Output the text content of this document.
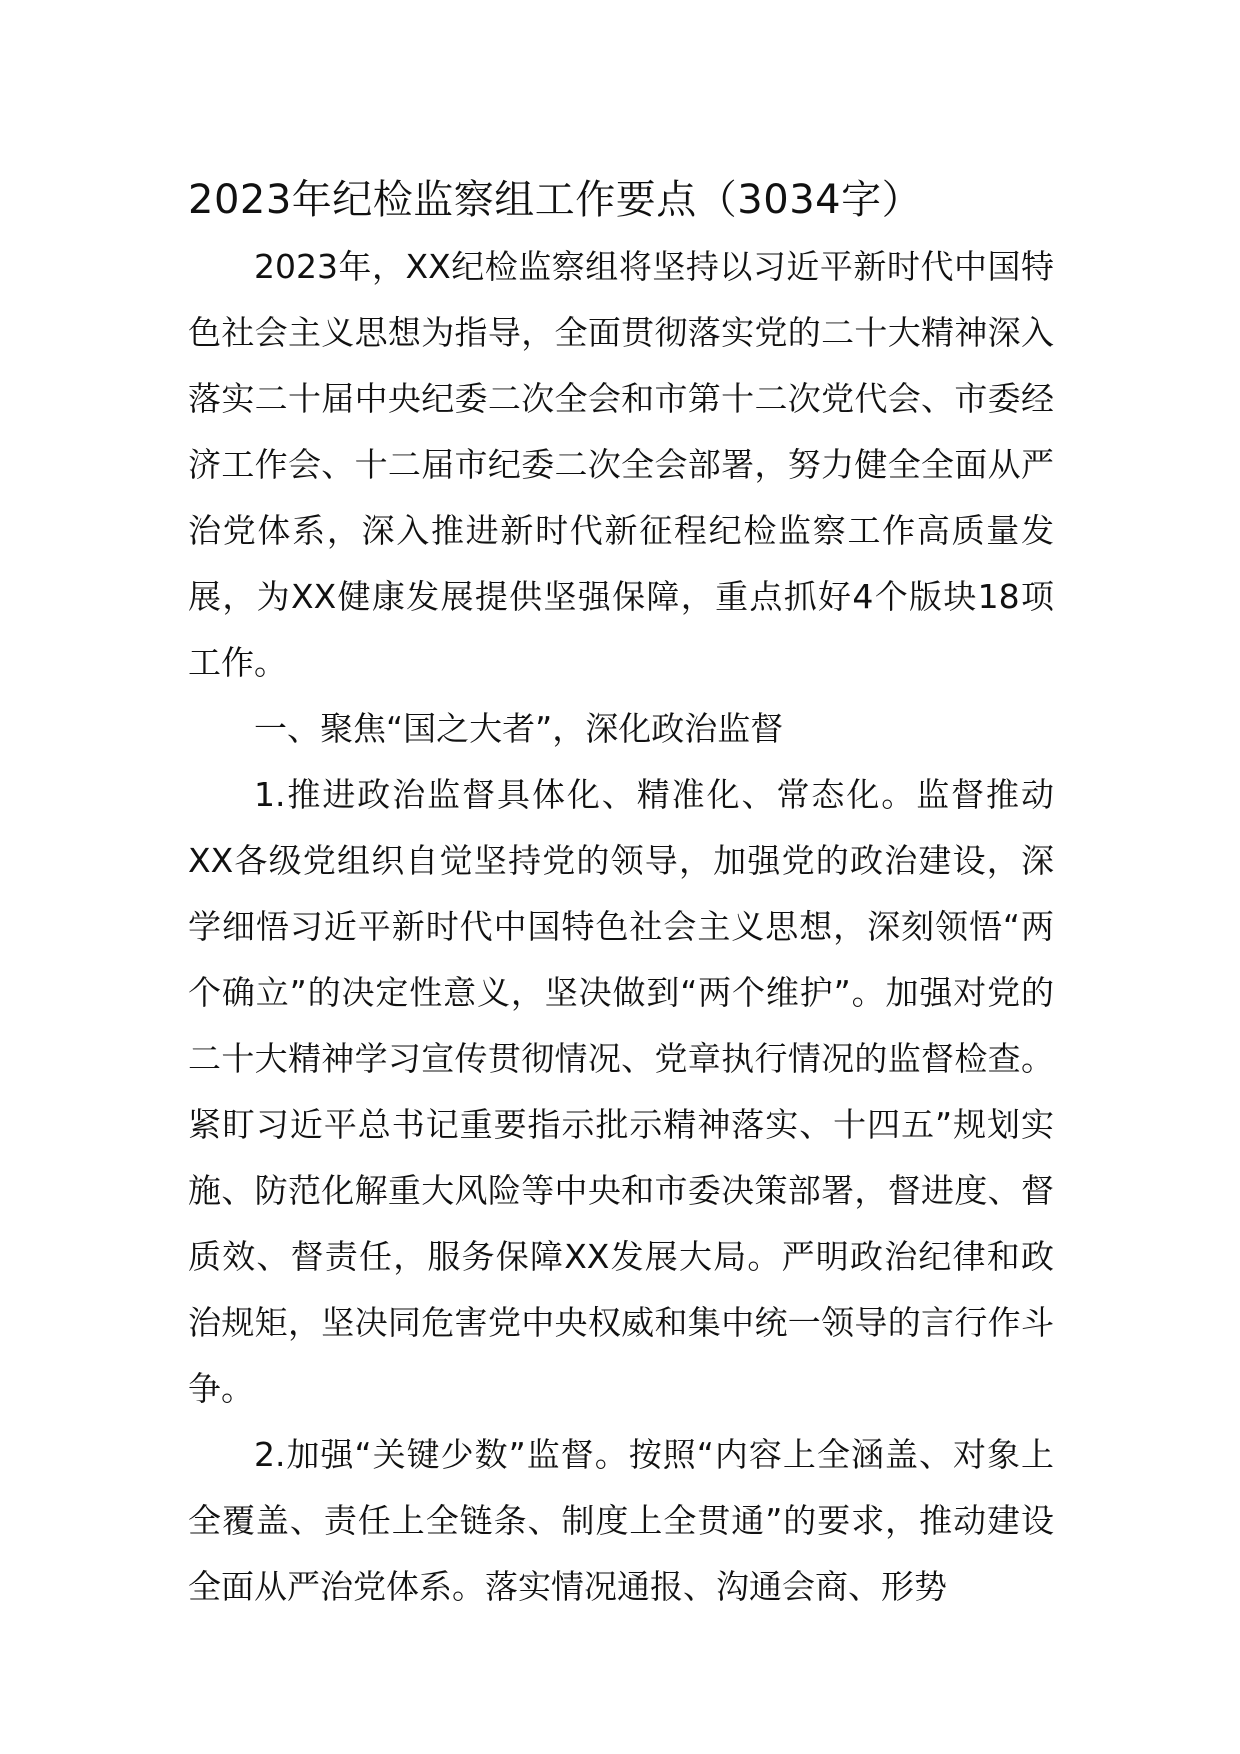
2023年纪检监察组工作要点（3034字）

2023年，XX纪检监察组将坚持以习近平新时代中国特色社会主义思想为指导，全面贯彻落实党的二十大精神深入落实二十届中央纪委二次全会和市第十二次党代会、市委经济工作会、十二届市纪委二次全会部署，努力健全全面从严治党体系，深入推进新时代新征程纪检监察工作高质量发展，为XX健康发展提供坚强保障，重点抓好4个版块18项工作。

一、聚焦“国之大者”，深化政治监督

1.推进政治监督具体化、精准化、常态化。监督推动XX各级党组织自觉坚持党的领导，加强党的政治建设，深学细悟习近平新时代中国特色社会主义思想，深刻领悟“两个确立”的决定性意义，坚决做到“两个维护”。加强对党的二十大精神学习宣传贯彻情况、党章执行情况的监督检查。紧盯习近平总书记重要指示批示精神落实、十四五”规划实施、防范化解重大风险等中央和市委决策部署，督进度、督质效、督责任，服务保障XX发展大局。严明政治纪律和政治规矩，坚决同危害党中央权威和集中统一领导的言行作斗争。

2.加强“关键少数”监督。按照“内容上全涵盖、对象上全覆盖、责任上全链条、制度上全贯通”的要求，推动建设全面从严治党体系。落实情况通报、沟通会商、形势
